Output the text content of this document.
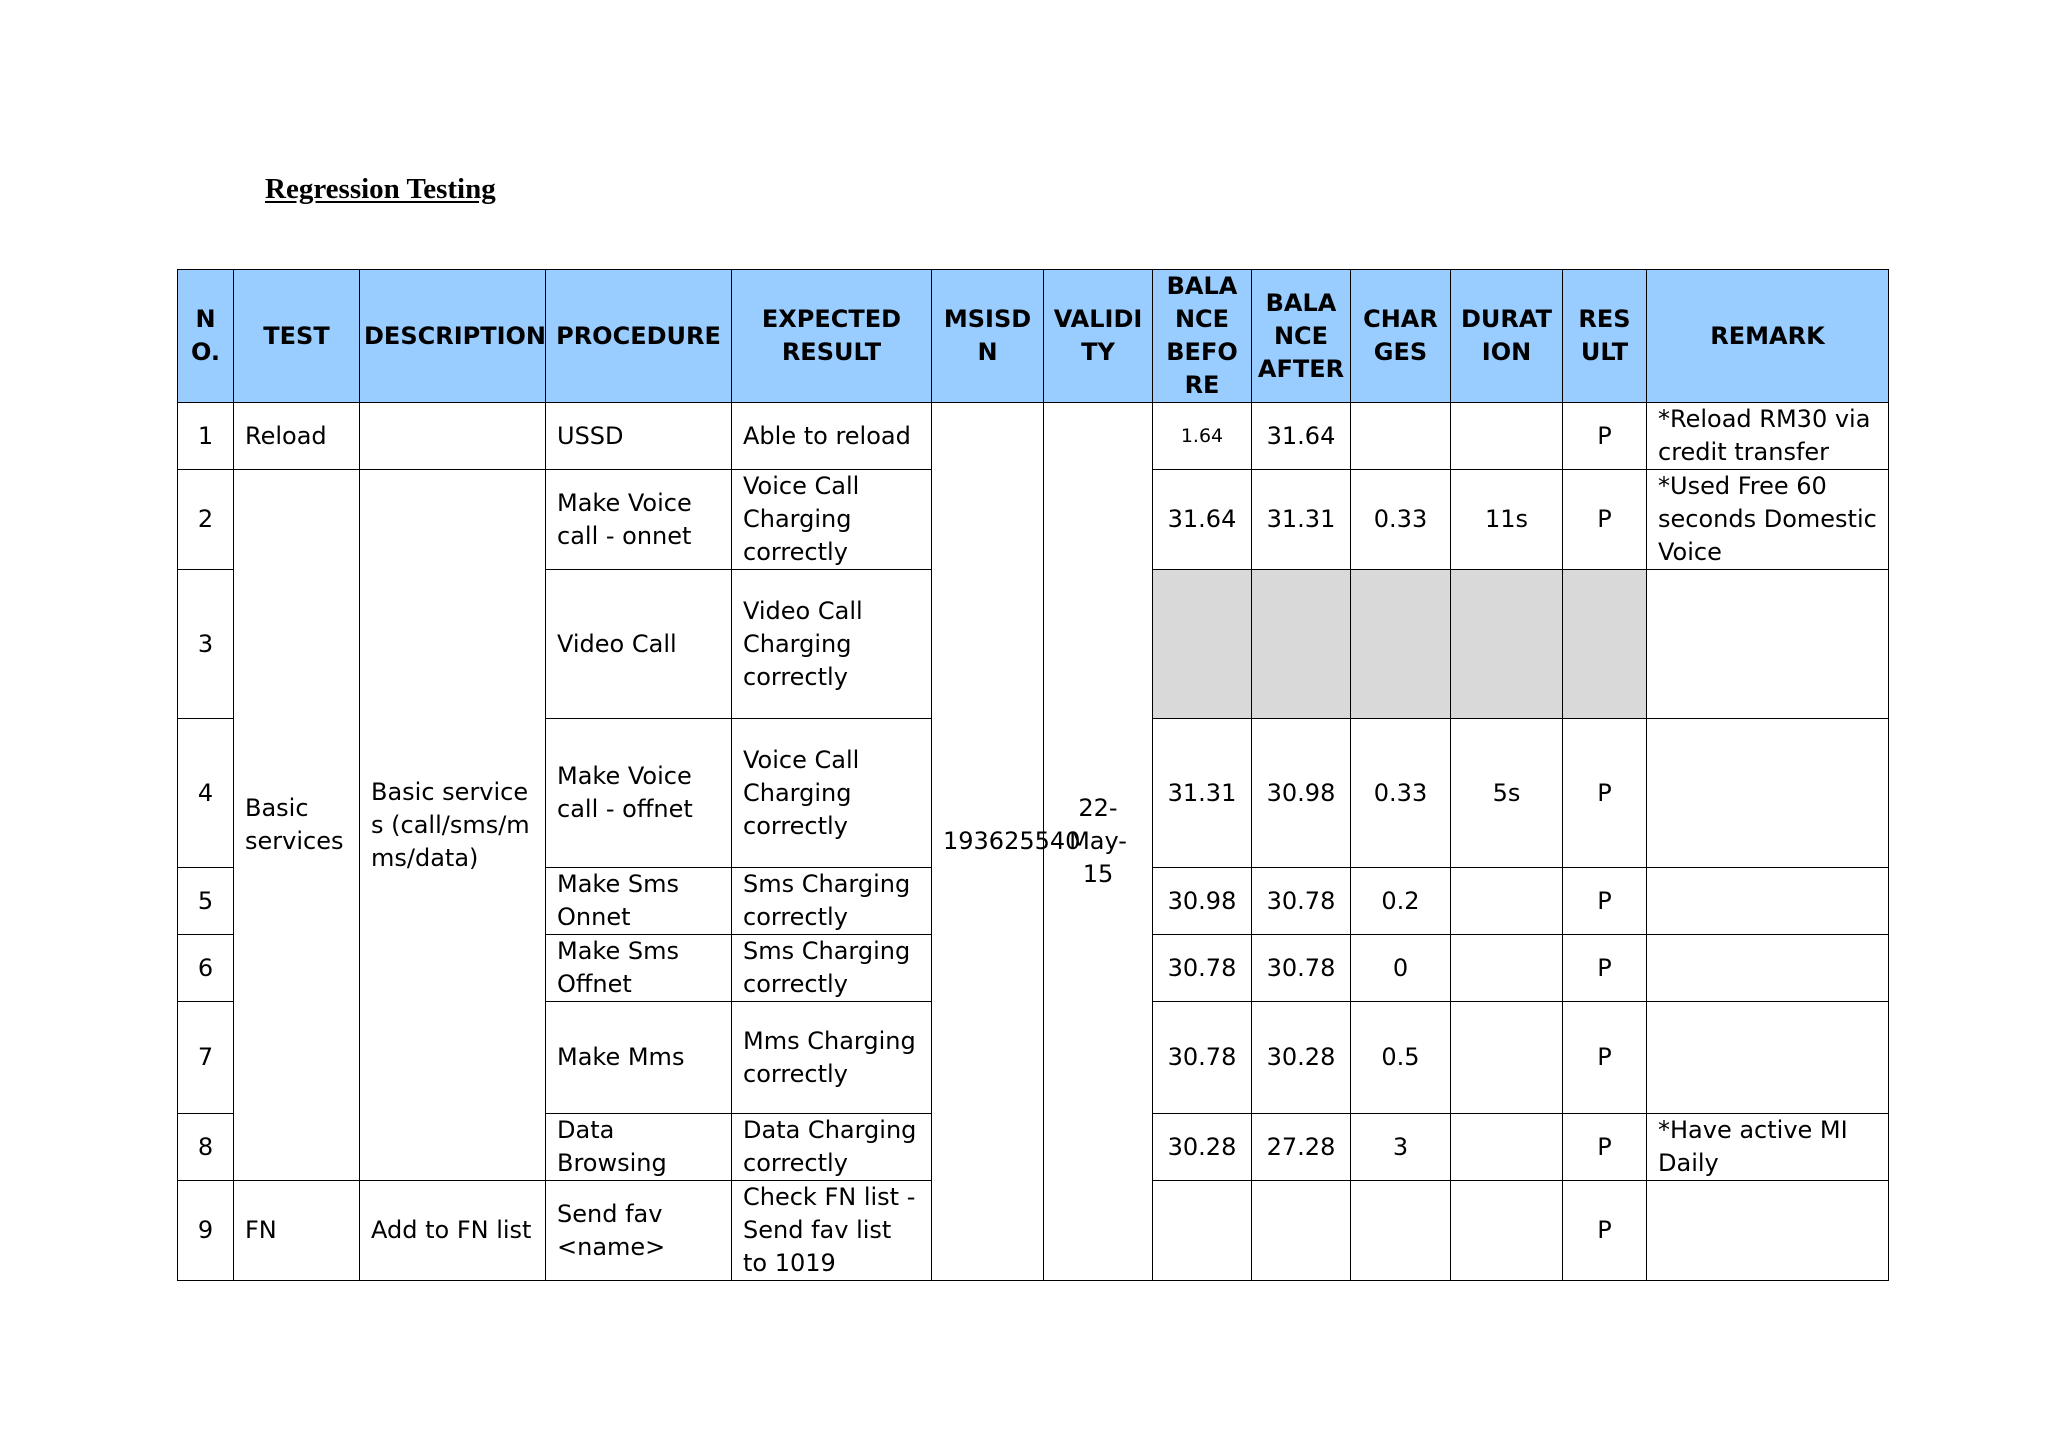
Regression Testing
N O.	TEST	DESCRIPTION	PROCEDURE	EXPECTED RESULT	MSISD N	VALIDI TY	BALA NCE BEFO RE	BALA NCE AFTER	CHAR GES	DURAT ION	RES ULT	REMARK
1	Reload		USSD	Able to reload	193625540	22-May-15	1.64	31.64			P	*Reload RM30 via credit transfer
2	Basic services	Basic services (call/sms/mms/data)	Make Voice call - onnet	Voice Call Charging correctly			31.64	31.31	0.33	11s	P	*Used Free 60 seconds Domestic Voice
3			Video Call	Video Call Charging correctly								
4			Make Voice call - offnet	Voice Call Charging correctly			31.31	30.98	0.33	5s	P	
5			Make Sms Onnet	Sms Charging correctly			30.98	30.78	0.2		P	
6			Make Sms Offnet	Sms Charging correctly			30.78	30.78	0		P	
7			Make Mms	Mms Charging correctly			30.78	30.28	0.5		P	
8			Data Browsing	Data Charging correctly			30.28	27.28	3		P	*Have active MI Daily
9	FN	Add to FN list	Send fav <name>	Check FN list - Send fav list to 1019							P	
